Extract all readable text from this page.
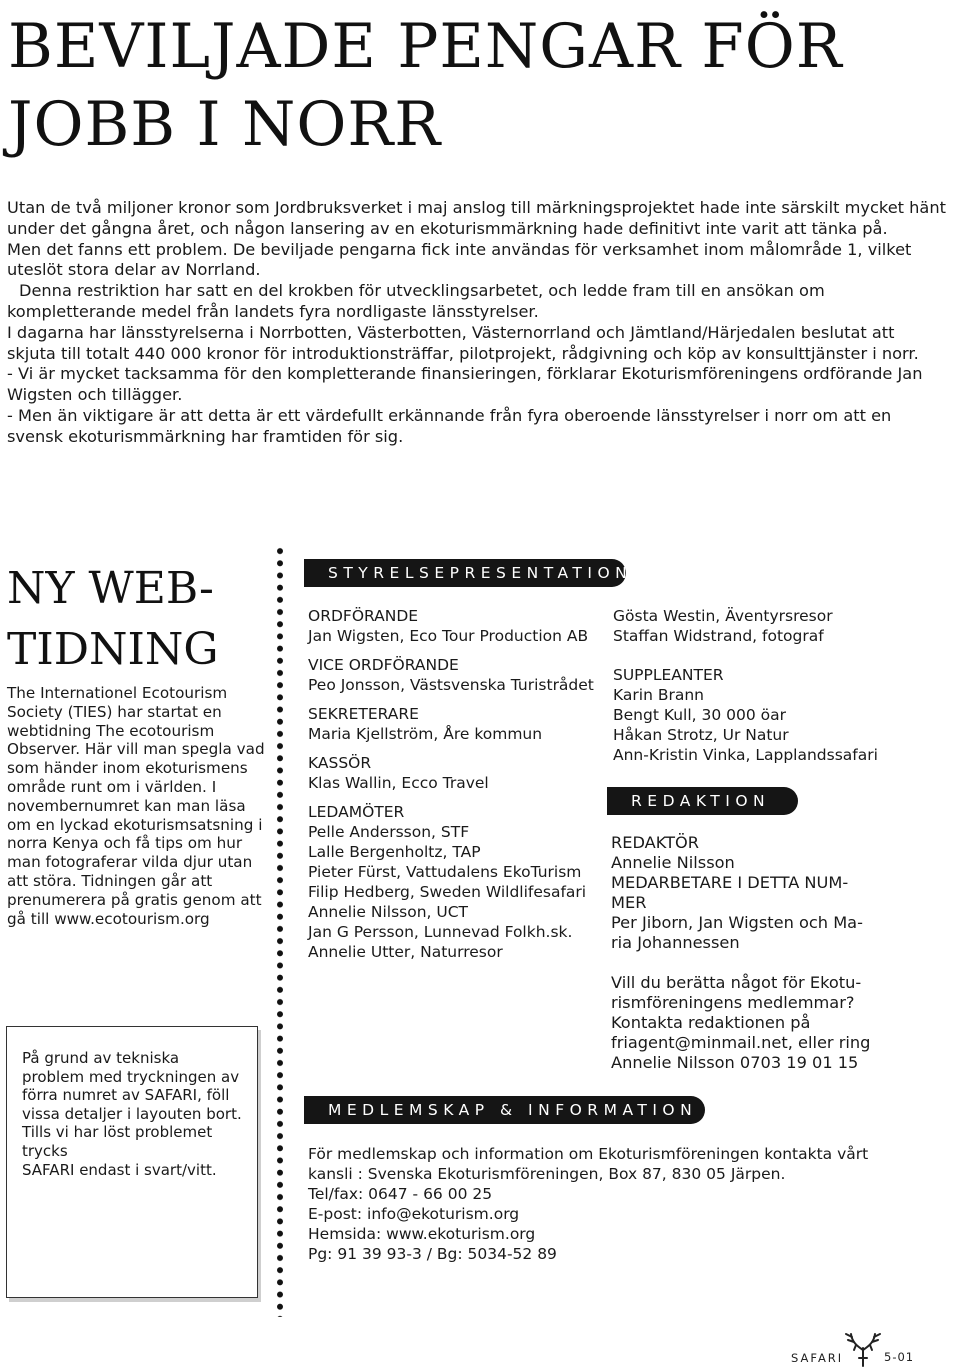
BEVILJADE PENGAR FÖR
JOBB I NORR

Utan de två miljoner kronor som Jordbruksverket i maj anslog till märkningsprojektet hade inte särskilt mycket hänt under det gångna året, och någon lansering av en ekoturismmärkning hade definitivt inte varit att tänka på.

Men det fanns ett problem. De beviljade pengarna fick inte användas för verksamhet inom målområde 1, vilket uteslöt stora delar av Norrland.

Denna restriktion har satt en del krokben för utvecklingsarbetet, och ledde fram till en ansökan om kompletterande medel från landets fyra nordligaste länsstyrelser.

I dagarna har länsstyrelserna i Norrbotten, Västerbotten, Västernorrland och Jämtland/Härjedalen beslutat att skjuta till totalt 440 000 kronor för introduktionsträffar, pilotprojekt, rådgivning och köp av konsulttjänster i norr.

- Vi är mycket tacksamma för den kompletterande finansieringen, förklarar Ekoturismföreningens ordförande Jan Wigsten och tillägger.

- Men än viktigare är att detta är ett värdefullt erkännande från fyra oberoende länsstyrelser i norr om att en svensk ekoturismmärkning har framtiden för sig.

NY WEB-
TIDNING
The Internationel Ecotourism Society (TIES) har startat en webtidning The ecotourism Observer. Här vill man spegla vad som händer inom ekoturismens område runt om i världen. I novembernumret kan man läsa om en lyckad ekoturismsatsning i norra Kenya och få tips om hur man fotograferar vilda djur utan att störa. Tidningen går att prenumerera på gratis genom att gå till www.ecotourism.org
På grund av tekniska problem med tryckningen av förra numret av SAFARI, föll vissa detaljer i layouten bort. Tills vi har löst problemet trycks
SAFARI endast i svart/vitt.
STYRELSEPRESENTATION
ORDFÖRANDE
Jan Wigsten, Eco Tour Production AB
VICE ORDFÖRANDE
Peo Jonsson, Västsvenska Turistrådet
SEKRETERARE
Maria Kjellström, Åre kommun
KASSÖR
Klas Wallin, Ecco Travel
LEDAMÖTER
Pelle Andersson, STF
Lalle Bergenholtz, TAP
Pieter Fürst, Vattudalens EkoTurism
Filip Hedberg, Sweden Wildlifesafari
Annelie Nilsson, UCT
Jan G Persson, Lunnevad Folkh.sk.
Annelie Utter, Naturresor
Gösta Westin, Äventyrsresor
Staffan Widstrand, fotograf
SUPPLEANTER
Karin Brann
Bengt Kull, 30 000 öar
Håkan Strotz, Ur Natur
Ann-Kristin Vinka, Lapplandssafari
REDAKTION
REDAKTÖR
Annelie Nilsson
MEDARBETARE I DETTA NUM-
MER
Per Jiborn, Jan Wigsten och Ma-
ria Johannessen
Vill du berätta något för Ekotu-
rismföreningens medlemmar?
Kontakta redaktionen på
friagent@minmail.net, eller ring
Annelie Nilsson 0703 19 01 15
MEDLEMSKAP & INFORMATION
För medlemskap och information om Ekoturismföreningen kontakta vårt
kansli : Svenska Ekoturismföreningen, Box 87, 830 05 Järpen.
Tel/fax: 0647 - 66 00 25
E-post: info@ekoturism.org
Hemsida: www.ekoturism.org
Pg: 91 39 93-3 / Bg: 5034-52 89
SAFARI	5-01
